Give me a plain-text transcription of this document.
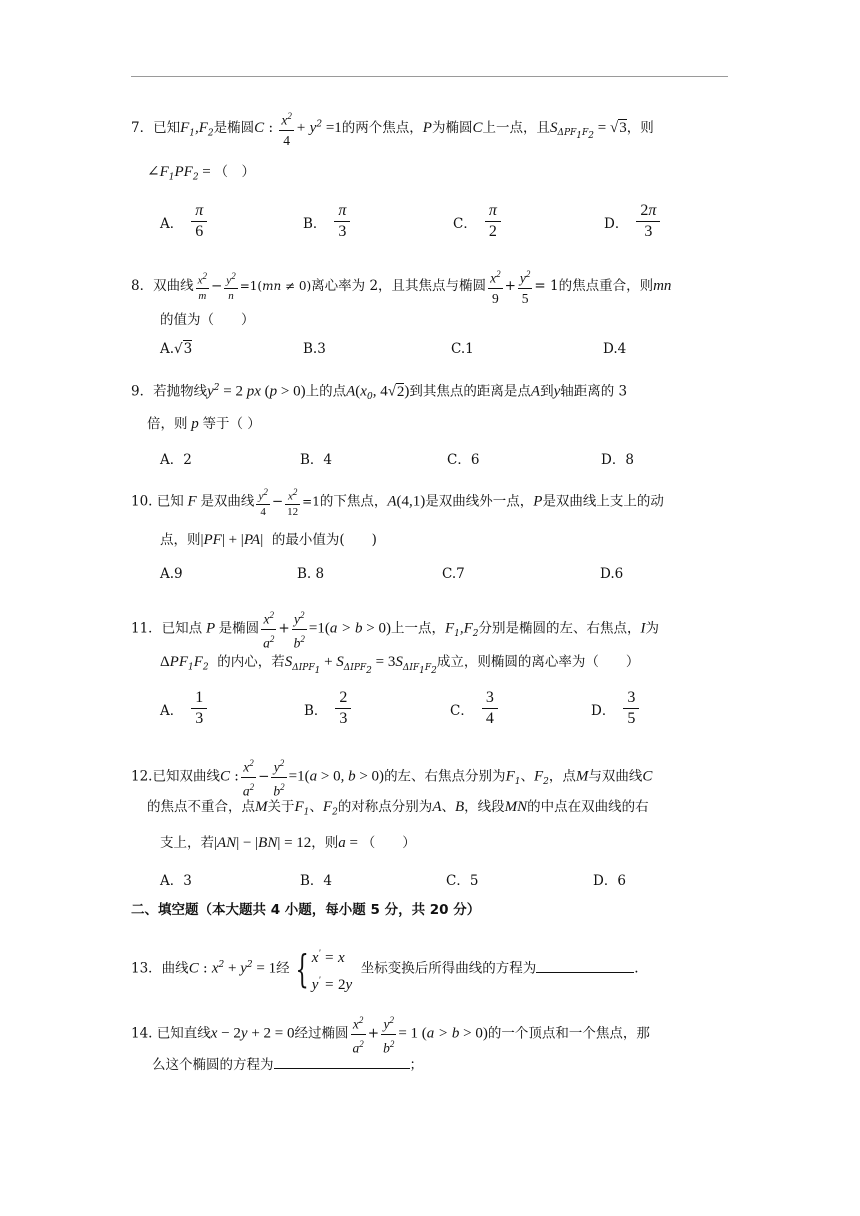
7．已知$F_1,F_2$是椭圆C : $\frac{x^2}{4} + y^2 =1$的两个焦点，P为椭圆C上一点，且$S_{\Delta PF_1F_2} = √3$，则
$\angle F_1PF_2$ = （　）
A．
π
6	B．
π
3	C．
π
2	D．
2π
3
8．双曲线 $\frac{x^2}{m} - \frac{y^2}{n} =1(mn \ne 0)$离心率为 2，且其焦点与椭圆 $\frac{x^2}{9} + \frac{y^2}{5} = 1$的焦点重合，则mn
的值为（　　）
A.√3	B.3	C.1	D.4
9．若抛物线$y^2 = 2$ px (p > 0)上的点$A(x_0$, 4√2)到其焦点的距离是点A到y轴距离的 3
倍，则 p 等于（ ）
A．2	B．4	C．6	D．8
10. 已知 F 是双曲线 $\frac{y^2}{4} - \frac{x^2}{12} =1$的下焦点，A(4,1)是双曲线外一点，P是双曲线上支上的动
点，则|PF| + |PA| 的最小值为(　　)
A.9	B. 8	C.7	D.6
11．已知点 P 是椭圆 $\frac{x^2}{a^2} + \frac{y^2}{b^2} =1(a > b > 0)$上一点，$F_1,F_2$分别是椭圆的左、右焦点，I为
$\Delta PF_1F_2$ 的内心，若$S_{\Delta IPF_1} + S_{\Delta IPF_2} = 3S_{\Delta IF_1F_2}$成立，则椭圆的离心率为（　　）
A．
1
3	B．
2
3	C．
3
4	D．
3
5
12.已知双曲线C : $\frac{x^2}{a^2} - \frac{y^2}{b^2} =1(a > 0$, b > 0)的左、右焦点分别为$F_1$、$F_2$，点M与双曲线C
的焦点不重合，点M关于$F_1$、$F_2$的对称点分别为A、B，线段MN的中点在双曲线的右
支上，若|AN| − |BN| = 12，则a = （　　）
A．3	B．4	C．5	D．6
二、填空题（本大题共 4 小题，每小题 5 分，共 20 分）
13．曲线C : $x^2 + y^2 = 1$经 { x' = x
y' = 2y
坐标变换后所得曲线的方程为	.
14. 已知直线x − 2y + 2 = 0经过椭圆 $\frac{x^2}{a^2} + \frac{y^2}{b^2} = 1$ (a > b > 0)的一个顶点和一个焦点，那
么这个椭圆的方程为	；
